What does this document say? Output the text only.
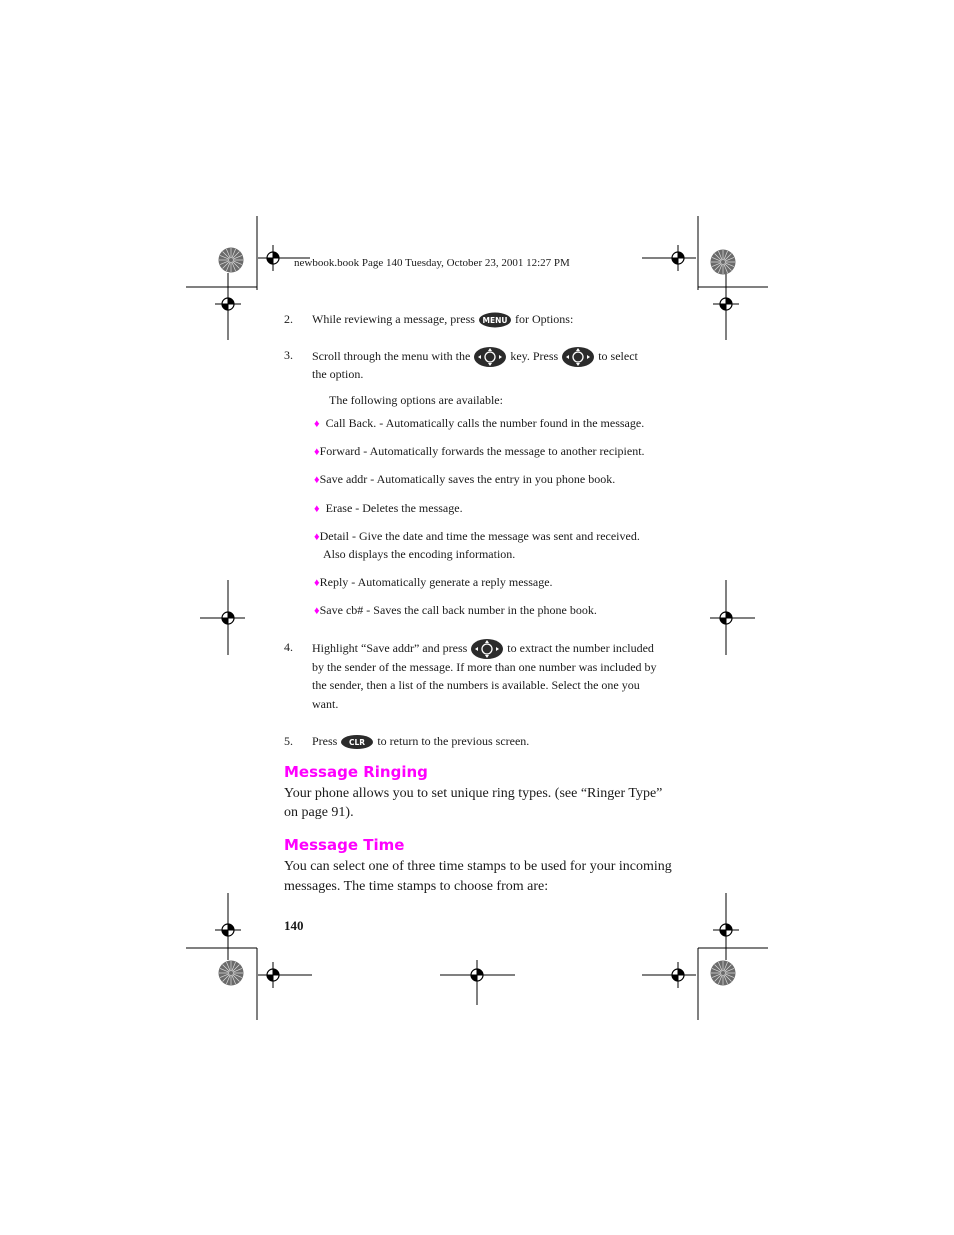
newbook.book Page 140 Tuesday, October 23, 2001 12:27 PM
2. While reviewing a message, press MENU for Options:
3. Scroll through the menu with the	key. Press	to select
the option.
The following options are available:
♦ Call Back. - Automatically calls the number found in the message.
♦Forward - Automatically forwards the message to another recipient.
♦Save addr - Automatically saves the entry in you phone book.
♦ Erase - Deletes the message.
♦Detail - Give the date and time the message was sent and received.
Also displays the encoding information.
♦Reply - Automatically generate a reply message.
♦Save cb# - Saves the call back number in the phone book.
4. Highlight “Save addr” and press	to extract the number included
by the sender of the message. If more than one number was included by
the sender, then a list of the numbers is available. Select the one you
want.
5. Press CLR to return to the previous screen.
Message Ringing
Your phone allows you to set unique ring types. (see “Ringer Type”
on page 91).
Message Time
You can select one of three time stamps to be used for your incoming
messages. The time stamps to choose from are:
140
